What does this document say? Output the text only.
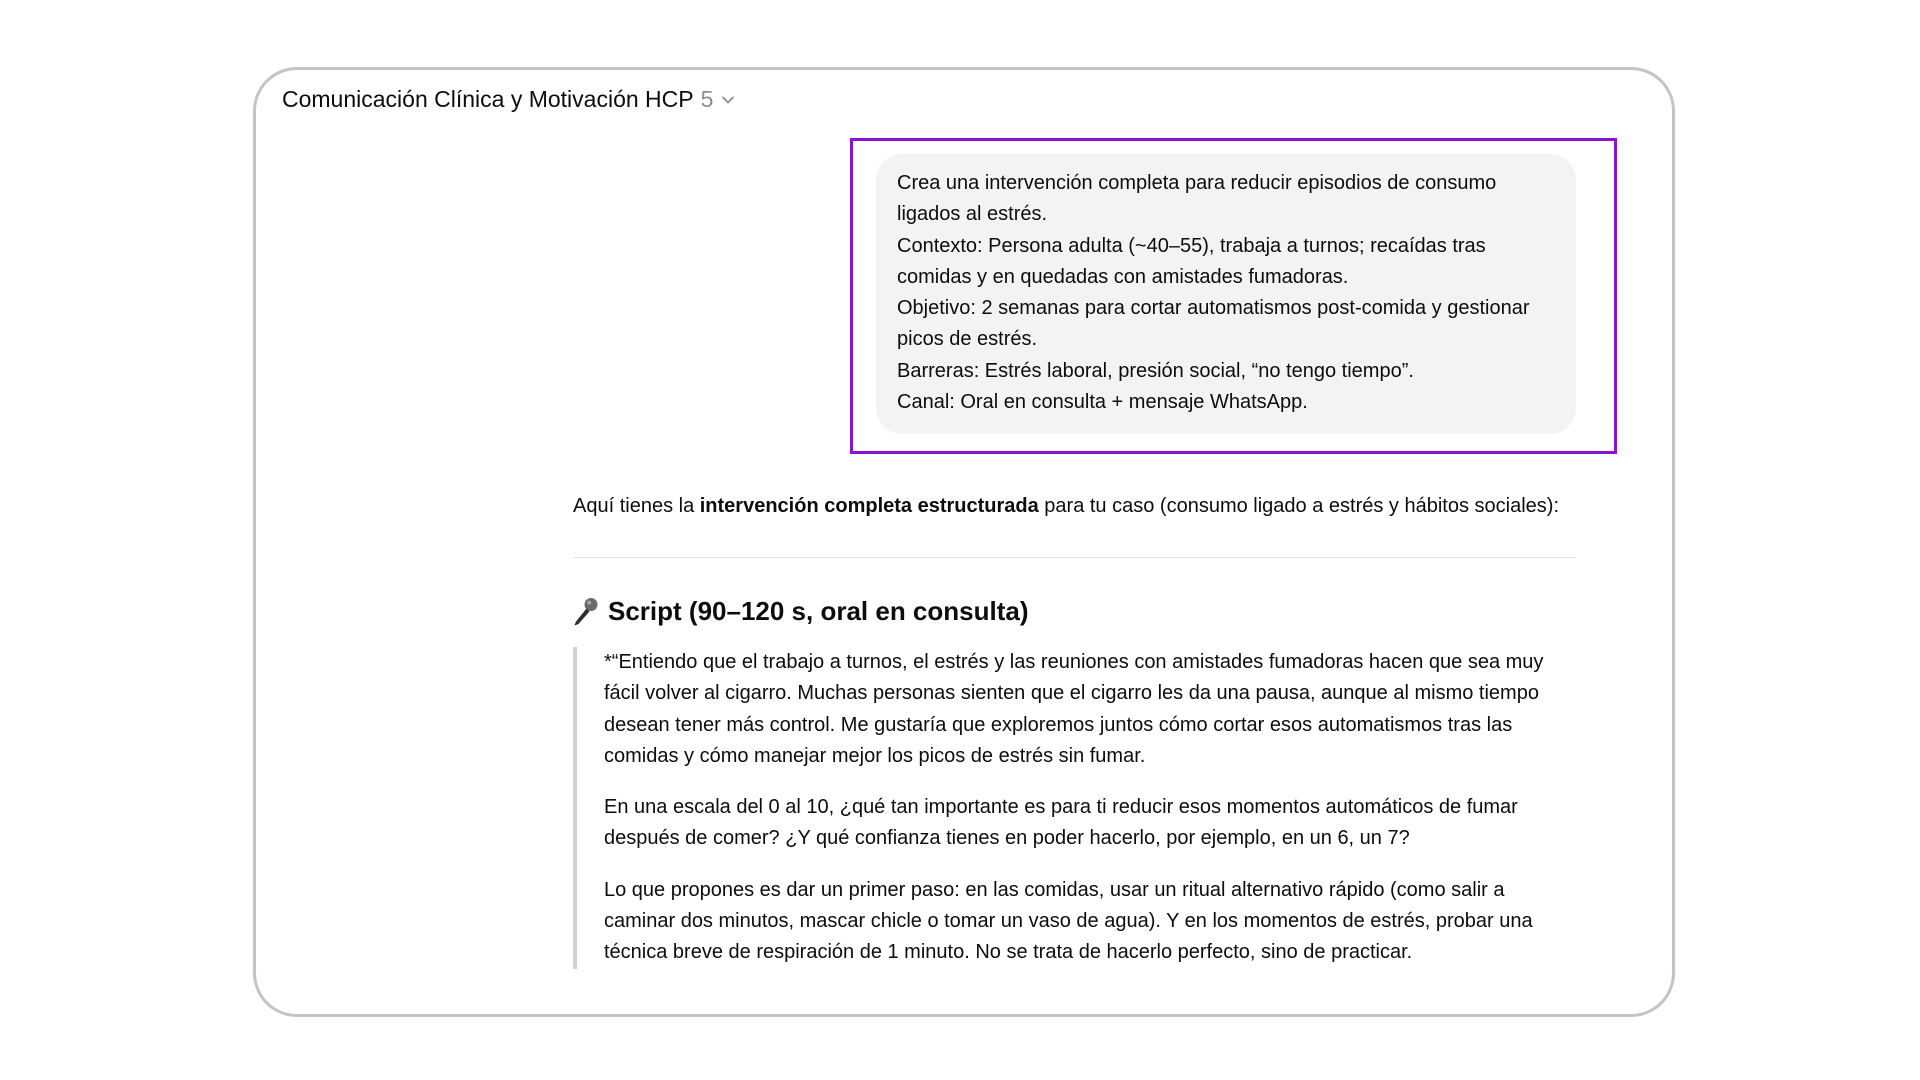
Comunicación Clínica y Motivación HCP 5
Crea una intervención completa para reducir episodios de consumo ligados al estrés.
Contexto: Persona adulta (~40–55), trabaja a turnos; recaídas tras comidas y en quedadas con amistades fumadoras.
Objetivo: 2 semanas para cortar automatismos post-comida y gestionar picos de estrés.
Barreras: Estrés laboral, presión social, “no tengo tiempo”.
Canal: Oral en consulta + mensaje WhatsApp.

Aquí tienes la intervención completa estructurada para tu caso (consumo ligado a estrés y hábitos sociales):

Script (90–120 s, oral en consulta)

*“Entiendo que el trabajo a turnos, el estrés y las reuniones con amistades fumadoras hacen que sea muy fácil volver al cigarro. Muchas personas sienten que el cigarro les da una pausa, aunque al mismo tiempo desean tener más control. Me gustaría que exploremos juntos cómo cortar esos automatismos tras las comidas y cómo manejar mejor los picos de estrés sin fumar.

En una escala del 0 al 10, ¿qué tan importante es para ti reducir esos momentos automáticos de fumar después de comer? ¿Y qué confianza tienes en poder hacerlo, por ejemplo, en un 6, un 7?

Lo que propones es dar un primer paso: en las comidas, usar un ritual alternativo rápido (como salir a caminar dos minutos, mascar chicle o tomar un vaso de agua). Y en los momentos de estrés, probar una técnica breve de respiración de 1 minuto. No se trata de hacerlo perfecto, sino de practicar.
